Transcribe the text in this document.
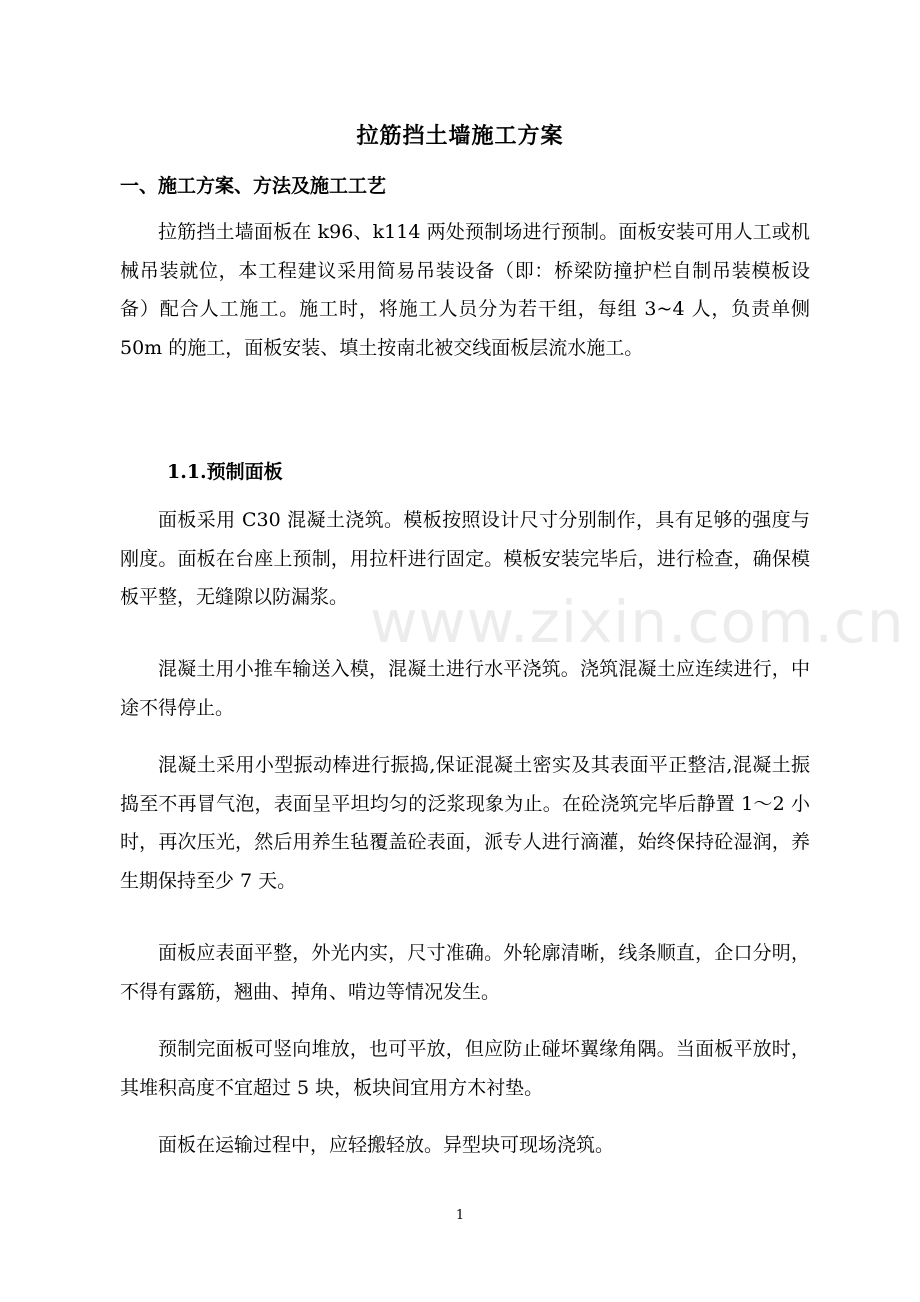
www.zixin.com.cn
拉筋挡土墙施工方案
一、施工方案、方法及施工工艺
拉筋挡土墙面板在 k96、k114 两处预制场进行预制。面板安装可用人工或机械吊装就位，本工程建议采用简易吊装设备（即：桥梁防撞护栏自制吊装模板设备）配合人工施工。施工时，将施工人员分为若干组，每组 3~4 人，负责单侧 50m 的施工，面板安装、填土按南北被交线面板层流水施工。
1.1.预制面板
面板采用 C30 混凝土浇筑。模板按照设计尺寸分别制作，具有足够的强度与刚度。面板在台座上预制，用拉杆进行固定。模板安装完毕后，进行检查，确保模板平整，无缝隙以防漏浆。
混凝土用小推车输送入模，混凝土进行水平浇筑。浇筑混凝土应连续进行，中途不得停止。
混凝土采用小型振动棒进行振捣,保证混凝土密实及其表面平正整洁,混凝土振捣至不再冒气泡，表面呈平坦均匀的泛浆现象为止。在砼浇筑完毕后静置 1～2 小时，再次压光，然后用养生毡覆盖砼表面，派专人进行滴灌，始终保持砼湿润，养生期保持至少 7 天。
面板应表面平整，外光内实，尺寸准确。外轮廓清晰，线条顺直，企口分明，不得有露筋，翘曲、掉角、啃边等情况发生。
预制完面板可竖向堆放，也可平放，但应防止碰坏翼缘角隅。当面板平放时，其堆积高度不宜超过 5 块，板块间宜用方木衬垫。
面板在运输过程中，应轻搬轻放。异型块可现场浇筑。
1
